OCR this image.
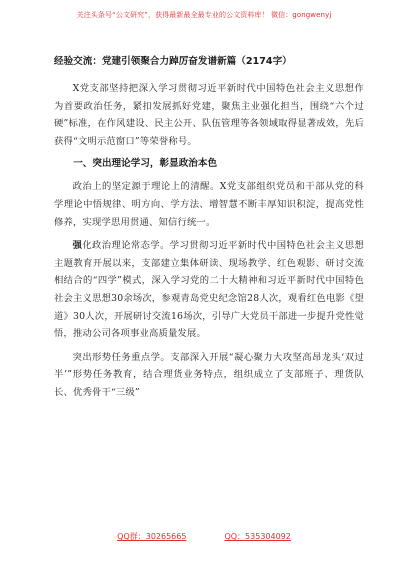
关注头条号“公文研究”，获得最新最全最专业的公文资料库！ 微信：gongwenyj
经验交流：党建引领聚合力踔厉奋发谱新篇（2174字）

X党支部坚持把深入学习贯彻习近平新时代中国特色社会主义思想作为首要政治任务，紧扣发展抓好党建，聚焦主业强化担当，围绕“六个过硬”标准，在作风建设、民主公开、队伍管理等各领域取得显著成效，先后获得“文明示范窗口”等荣誉称号。

一、突出理论学习，彰显政治本色

政治上的坚定源于理论上的清醒。X党支部组织党员和干部从党的科学理论中悟规律、明方向、学方法、增智慧不断丰厚知识积淀，提高党性修养，实现学思用贯通、知信行统一。

强化政治理论常态学。学习贯彻习近平新时代中国特色社会主义思想主题教育开展以来，支部建立集体研读、现场教学、红色观影、研讨交流相结合的“四学”模式，深入学习党的二十大精神和习近平新时代中国特色社会主义思想30余场次，参观青岛党史纪念馆28人次，观看红色电影《望道》30人次，开展研讨交流16场次，引导广大党员干部进一步提升党性觉悟，推动公司各项事业高质量发展。

突出形势任务重点学。支部深入开展“凝心聚力大攻坚高昂龙头‘双过半’”形势任务教育，结合理货业务特点，组织成立了支部班子、理货队长、优秀骨干“三级”

QQ群：30265665	QQ：535304092
